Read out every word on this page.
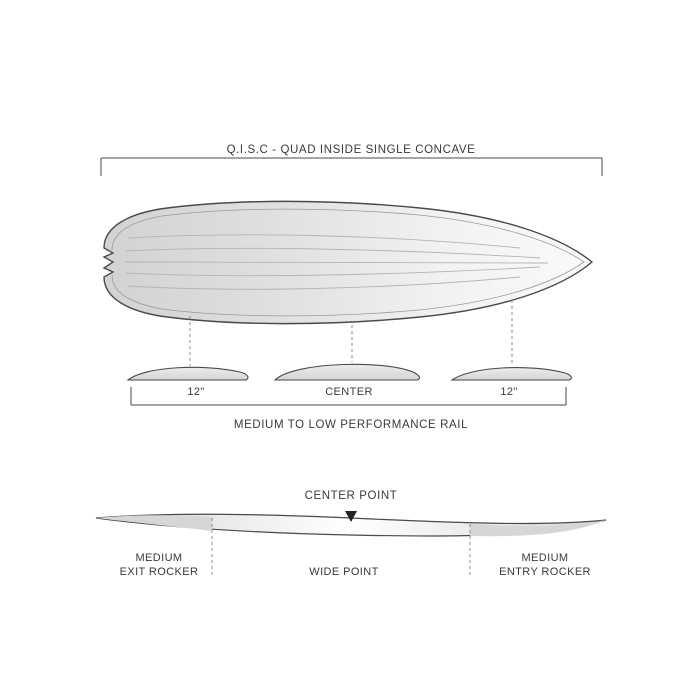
Q.I.S.C - QUAD INSIDE SINGLE CONCAVE
12"	CENTER	12"
MEDIUM TO LOW PERFORMANCE RAIL
CENTER POINT
MEDIUM
EXIT ROCKER	WIDE POINT
MEDIUM
ENTRY ROCKER
